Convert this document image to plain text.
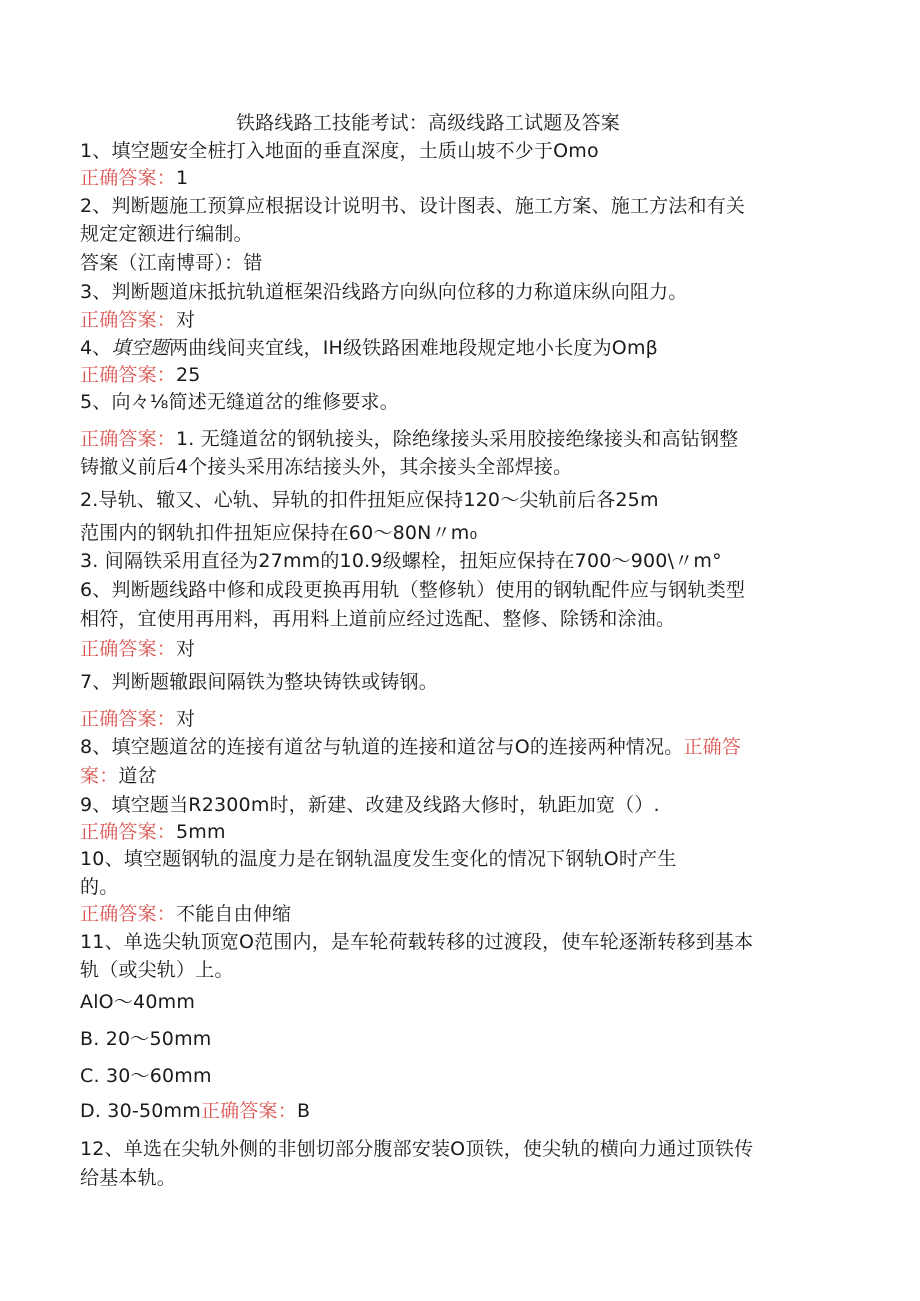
铁路线路工技能考试：高级线路工试题及答案
1、填空题安全桩打入地面的垂直深度，土质山坡不少于Omo
正确答案：1
2、判断题施工预算应根据设计说明书、设计图表、施工方案、施工方法和有关
规定定额进行编制。
答案（江南博哥）：错
3、判断题道床抵抗轨道框架沿线路方向纵向位移的力称道床纵向阻力。
正确答案：对
4、填空题两曲线间夹宜线，IH级铁路困难地段规定地小长度为Omβ
正确答案：25
5、向々⅛简述无缝道岔的维修要求。
正确答案：1. 无缝道岔的钢轨接头，除绝缘接头采用胶接绝缘接头和高钻钢整
铸撤义前后4个接头采用冻结接头外，其余接头全部焊接。
2.导轨、辙又、心轨、异轨的扣件扭矩应保持120～尖轨前后各25m
范围内的钢轨扣件扭矩应保持在60～80N〃m₀
3. 间隔铁采用直径为27mm的10.9级螺栓，扭矩应保持在700～900\〃m°
6、判断题线路中修和成段更换再用轨（整修轨）使用的钢轨配件应与钢轨类型
相符，宜使用再用料，再用料上道前应经过选配、整修、除锈和涂油。
正确答案：对
7、判断题辙跟间隔铁为整块铸铁或铸钢。
正确答案：对
8、填空题道岔的连接有道岔与轨道的连接和道岔与O的连接两种情况。正确答
案：道岔
9、填空题当R2300m时，新建、改建及线路大修时，轨距加宽（）.
正确答案：5mm
10、填空题钢轨的温度力是在钢轨温度发生变化的情况下钢轨O时产生
的。
正确答案：不能自由伸缩
11、单选尖轨顶宽O范围内，是车轮荷载转移的过渡段，使车轮逐渐转移到基本
轨（或尖轨）上。
AlO～40mm
B. 20～50mm
C. 30～60mm
D. 30-50mm正确答案：B
12、单选在尖轨外侧的非刨切部分腹部安装O顶铁，使尖轨的横向力通过顶铁传
给基本轨。
